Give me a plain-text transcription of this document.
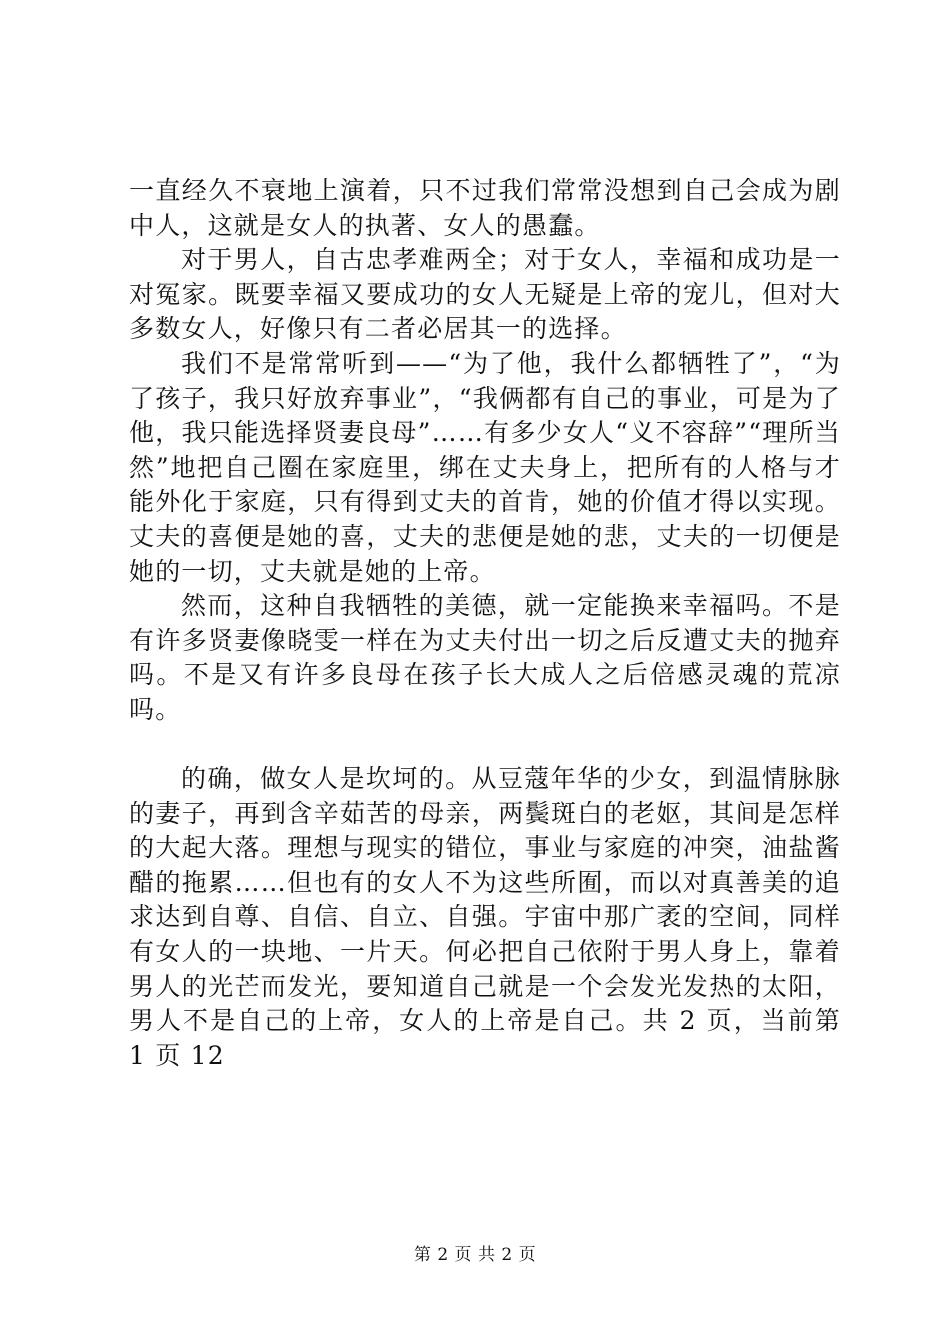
一直经久不衰地上演着，只不过我们常常没想到自己会成为剧中人，这就是女人的执著、女人的愚蠢。

对于男人，自古忠孝难两全；对于女人，幸福和成功是一对冤家。既要幸福又要成功的女人无疑是上帝的宠儿，但对大多数女人，好像只有二者必居其一的选择。

我们不是常常听到——“为了他，我什么都牺牲了”，“为了孩子，我只好放弃事业”，“我俩都有自己的事业，可是为了他，我只能选择贤妻良母”……有多少女人“义不容辞”“理所当然”地把自己圈在家庭里，绑在丈夫身上，把所有的人格与才能外化于家庭，只有得到丈夫的首肯，她的价值才得以实现。丈夫的喜便是她的喜，丈夫的悲便是她的悲，丈夫的一切便是她的一切，丈夫就是她的上帝。

然而，这种自我牺牲的美德，就一定能换来幸福吗。不是有许多贤妻像晓雯一样在为丈夫付出一切之后反遭丈夫的抛弃吗。不是又有许多良母在孩子长大成人之后倍感灵魂的荒凉吗。

的确，做女人是坎坷的。从豆蔻年华的少女，到温情脉脉的妻子，再到含辛茹苦的母亲，两鬓斑白的老妪，其间是怎样的大起大落。理想与现实的错位，事业与家庭的冲突，油盐酱醋的拖累……但也有的女人不为这些所囿，而以对真善美的追求达到自尊、自信、自立、自强。宇宙中那广袤的空间，同样有女人的一块地、一片天。何必把自己依附于男人身上，靠着男人的光芒而发光，要知道自己就是一个会发光发热的太阳，男人不是自己的上帝，女人的上帝是自己。共 2 页，当前第 1 页 12

第 2 页 共 2 页
